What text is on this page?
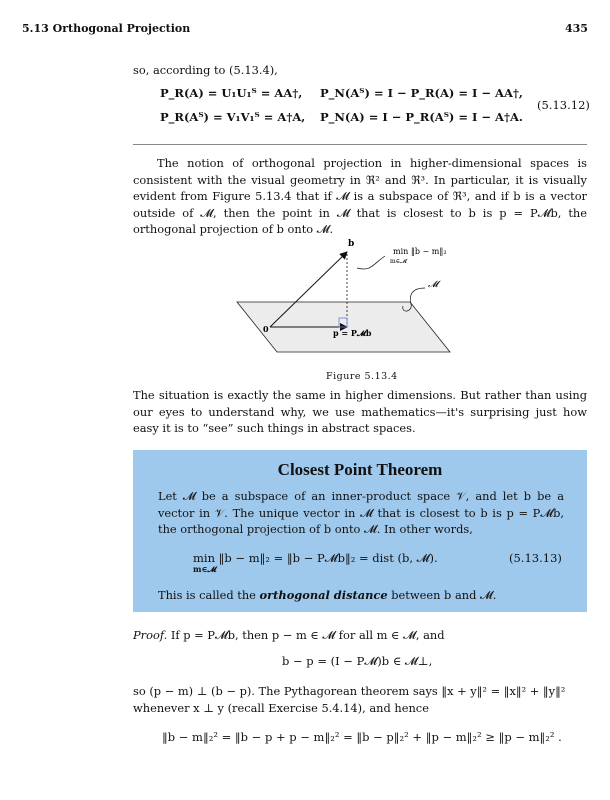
5.13 Orthogonal Projection	435
so, according to (5.13.4),
P_R(A) = U₁U₁ᵀ = AA†, P_N(Aᵀ) = I − P_R(A) = I − AA†,
P_R(Aᵀ) = V₁V₁ᵀ = A†A, P_N(A) = I − P_R(Aᵀ) = I − A†A.
(5.13.12)
The notion of orthogonal projection in higher-dimensional spaces is consistent with the visual geometry in ℜ² and ℜ³. In particular, it is visually evident from Figure 5.13.4 that if 𝓜 is a subspace of ℜ³, and if b is a vector outside of 𝓜, then the point in 𝓜 that is closest to b is p = P𝓜b, the orthogonal projection of b onto 𝓜.
b
min ‖b − m‖₂
m∈𝓜
𝓜
0	p = P𝓜b
Figure 5.13.4
The situation is exactly the same in higher dimensions. But rather than using our eyes to understand why, we use mathematics—it's surprising just how easy it is to “see” such things in abstract spaces.
Closest Point Theorem
Let 𝓜 be a subspace of an inner-product space 𝒱, and let b be a vector in 𝒱. The unique vector in 𝓜 that is closest to b is p = P𝓜b, the orthogonal projection of b onto 𝓜. In other words,
min ‖b − m‖₂ = ‖b − P𝓜b‖₂ = dist (b, 𝓜).
m∈𝓜
(5.13.13)
This is called the orthogonal distance between b and 𝓜.
Proof. If p = P𝓜b, then p − m ∈ 𝓜 for all m ∈ 𝓜, and
b − p = (I − P𝓜)b ∈ 𝓜⊥,
so (p − m) ⊥ (b − p). The Pythagorean theorem says ‖x + y‖² = ‖x‖² + ‖y‖²
whenever x ⊥ y (recall Exercise 5.4.14), and hence
‖b − m‖₂² = ‖b − p + p − m‖₂² = ‖b − p‖₂² + ‖p − m‖₂² ≥ ‖p − m‖₂² .
